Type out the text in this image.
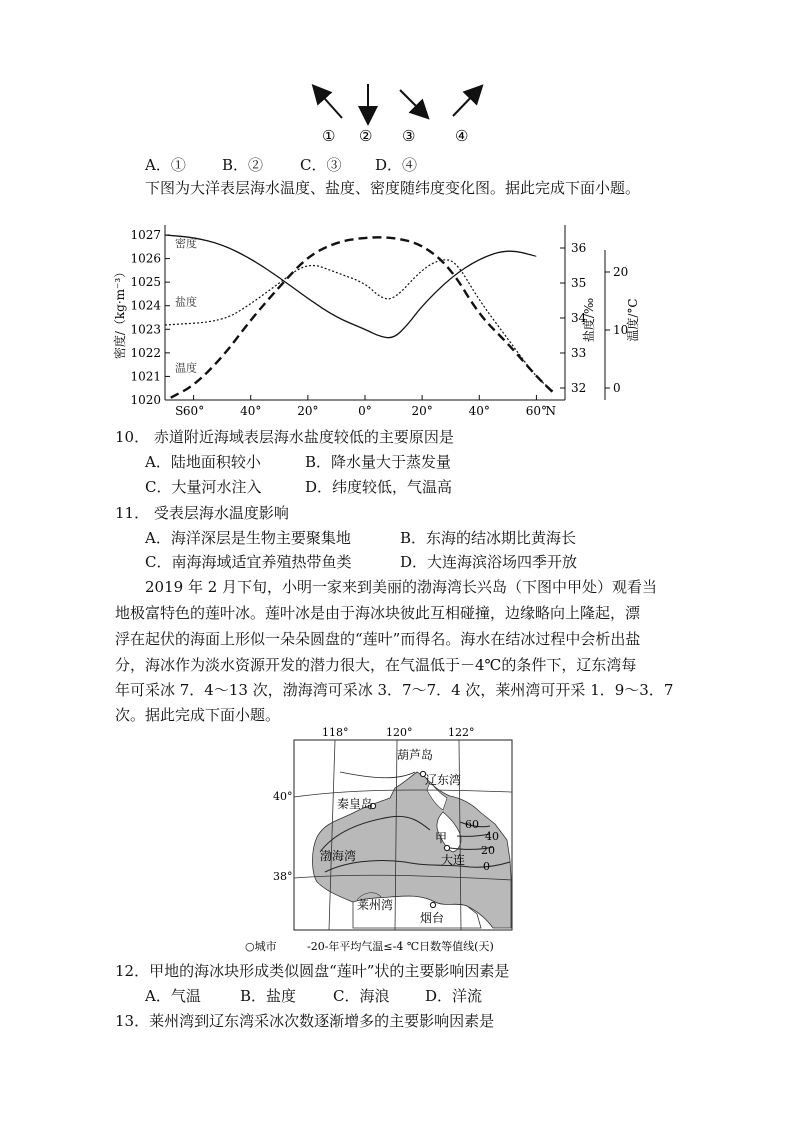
① ② ③	④
A．① B．② C．③ D．④
下图为大洋表层海水温度、盐度、密度随纬度变化图。据此完成下面小题。
1020
1021
1022
1023
1024
1025
1026
1027
32
33
34
35
36
0
10
20
S 60°	40°	20°	0°	20°	40°	60°
N
密度/（kg·m⁻³）	盐度/‰	温度/°C
密度
盐度
温度
10． 赤道附近海域表层海水盐度较低的主要原因是
A．陆地面积较小	B．降水量大于蒸发量
C．大量河水注入	D．纬度较低，气温高
11． 受表层海水温度影响
A．海洋深层是生物主要聚集地	B．东海的结冰期比黄海长
C．南海海域适宜养殖热带鱼类	D．大连海滨浴场四季开放
2019 年 2 月下旬，小明一家来到美丽的渤海湾长兴岛（下图中甲处）观看当
地极富特色的莲叶冰。莲叶冰是由于海冰块彼此互相碰撞，边缘略向上隆起，漂
浮在起伏的海面上形似一朵朵圆盘的“莲叶”而得名。海水在结冰过程中会析出盐
分，海冰作为淡水资源开发的潜力很大，在气温低于－4℃的条件下，辽东湾每
年可采冰 7．4～13 次，渤海湾可采冰 3．7～7．4 次，莱州湾可开采 1．9～3．7
次。据此完成下面小题。
118°	120°	122°
40°
38°
葫芦岛
辽东湾
秦皇岛
甲
渤海湾	大连
莱州湾
烟台
60
40
20
0
○城市	-20-年平均气温≤-4 ℃日数等值线(天)
12．甲地的海冰块形成类似圆盘“莲叶”状的主要影响因素是
A．气温	B．盐度 C．海浪 D．洋流
13．莱州湾到辽东湾采冰次数逐渐增多的主要影响因素是
